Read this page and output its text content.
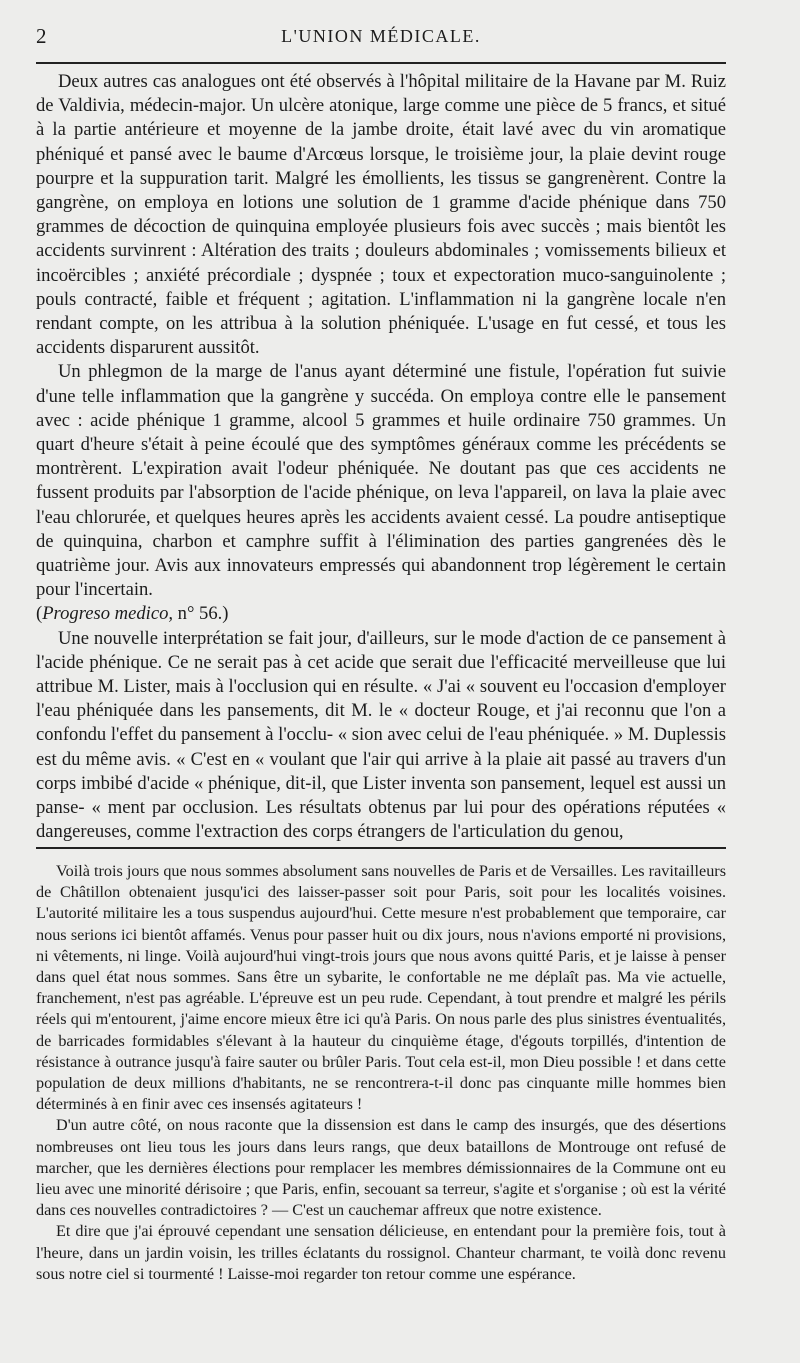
2	L'UNION MÉDICALE.

Deux autres cas analogues ont été observés à l'hôpital militaire de la Havane par M. Ruiz de Valdivia, médecin-major. Un ulcère atonique, large comme une pièce de 5 francs, et situé à la partie antérieure et moyenne de la jambe droite, était lavé avec du vin aromatique phéniqué et pansé avec le baume d'Arcœus lorsque, le troisième jour, la plaie devint rouge pourpre et la suppuration tarit. Malgré les émollients, les tissus se gangrenèrent. Contre la gangrène, on employa en lotions une solution de 1 gramme d'acide phénique dans 750 grammes de décoction de quinquina employée plusieurs fois avec succès ; mais bientôt les accidents survinrent : Altération des traits ; douleurs abdominales ; vomissements bilieux et incoërcibles ; anxiété précordiale ; dyspnée ; toux et expectoration muco-sanguinolente ; pouls contracté, faible et fréquent ; agitation. L'inflammation ni la gangrène locale n'en rendant compte, on les attribua à la solution phéniquée. L'usage en fut cessé, et tous les accidents disparurent aussitôt.

Un phlegmon de la marge de l'anus ayant déterminé une fistule, l'opération fut suivie d'une telle inflammation que la gangrène y succéda. On employa contre elle le pansement avec : acide phénique 1 gramme, alcool 5 grammes et huile ordinaire 750 grammes. Un quart d'heure s'était à peine écoulé que des symptômes généraux comme les précédents se montrèrent. L'expiration avait l'odeur phéniquée. Ne doutant pas que ces accidents ne fussent produits par l'absorption de l'acide phénique, on leva l'appareil, on lava la plaie avec l'eau chlorurée, et quelques heures après les accidents avaient cessé. La poudre antiseptique de quinquina, charbon et camphre suffit à l'élimination des parties gangrenées dès le quatrième jour. Avis aux innovateurs empressés qui abandonnent trop légèrement le certain pour l'incertain.

(Progreso medico, n° 56.)

Une nouvelle interprétation se fait jour, d'ailleurs, sur le mode d'action de ce pansement à l'acide phénique. Ce ne serait pas à cet acide que serait due l'efficacité merveilleuse que lui attribue M. Lister, mais à l'occlusion qui en résulte. « J'ai « souvent eu l'occasion d'employer l'eau phéniquée dans les pansements, dit M. le « docteur Rouge, et j'ai reconnu que l'on a confondu l'effet du pansement à l'occlu- « sion avec celui de l'eau phéniquée. » M. Duplessis est du même avis. « C'est en « voulant que l'air qui arrive à la plaie ait passé au travers d'un corps imbibé d'acide « phénique, dit-il, que Lister inventa son pansement, lequel est aussi un panse- « ment par occlusion. Les résultats obtenus par lui pour des opérations réputées « dangereuses, comme l'extraction des corps étrangers de l'articulation du genou,

Voilà trois jours que nous sommes absolument sans nouvelles de Paris et de Versailles. Les ravitailleurs de Châtillon obtenaient jusqu'ici des laisser-passer soit pour Paris, soit pour les localités voisines. L'autorité militaire les a tous suspendus aujourd'hui. Cette mesure n'est probablement que temporaire, car nous serions ici bientôt affamés. Venus pour passer huit ou dix jours, nous n'avions emporté ni provisions, ni vêtements, ni linge. Voilà aujourd'hui vingt-trois jours que nous avons quitté Paris, et je laisse à penser dans quel état nous sommes. Sans être un sybarite, le confortable ne me déplaît pas. Ma vie actuelle, franchement, n'est pas agréable. L'épreuve est un peu rude. Cependant, à tout prendre et malgré les périls réels qui m'entourent, j'aime encore mieux être ici qu'à Paris. On nous parle des plus sinistres éventualités, de barricades formidables s'élevant à la hauteur du cinquième étage, d'égouts torpillés, d'intention de résistance à outrance jusqu'à faire sauter ou brûler Paris. Tout cela est-il, mon Dieu possible ! et dans cette population de deux millions d'habitants, ne se rencontrera-t-il donc pas cinquante mille hommes bien déterminés à en finir avec ces insensés agitateurs !

D'un autre côté, on nous raconte que la dissension est dans le camp des insurgés, que des désertions nombreuses ont lieu tous les jours dans leurs rangs, que deux bataillons de Montrouge ont refusé de marcher, que les dernières élections pour remplacer les membres démissionnaires de la Commune ont eu lieu avec une minorité dérisoire ; que Paris, enfin, secouant sa terreur, s'agite et s'organise ; où est la vérité dans ces nouvelles contradictoires ? — C'est un cauchemar affreux que notre existence.

Et dire que j'ai éprouvé cependant une sensation délicieuse, en entendant pour la première fois, tout à l'heure, dans un jardin voisin, les trilles éclatants du rossignol. Chanteur charmant, te voilà donc revenu sous notre ciel si tourmenté ! Laisse-moi regarder ton retour comme une espérance.
